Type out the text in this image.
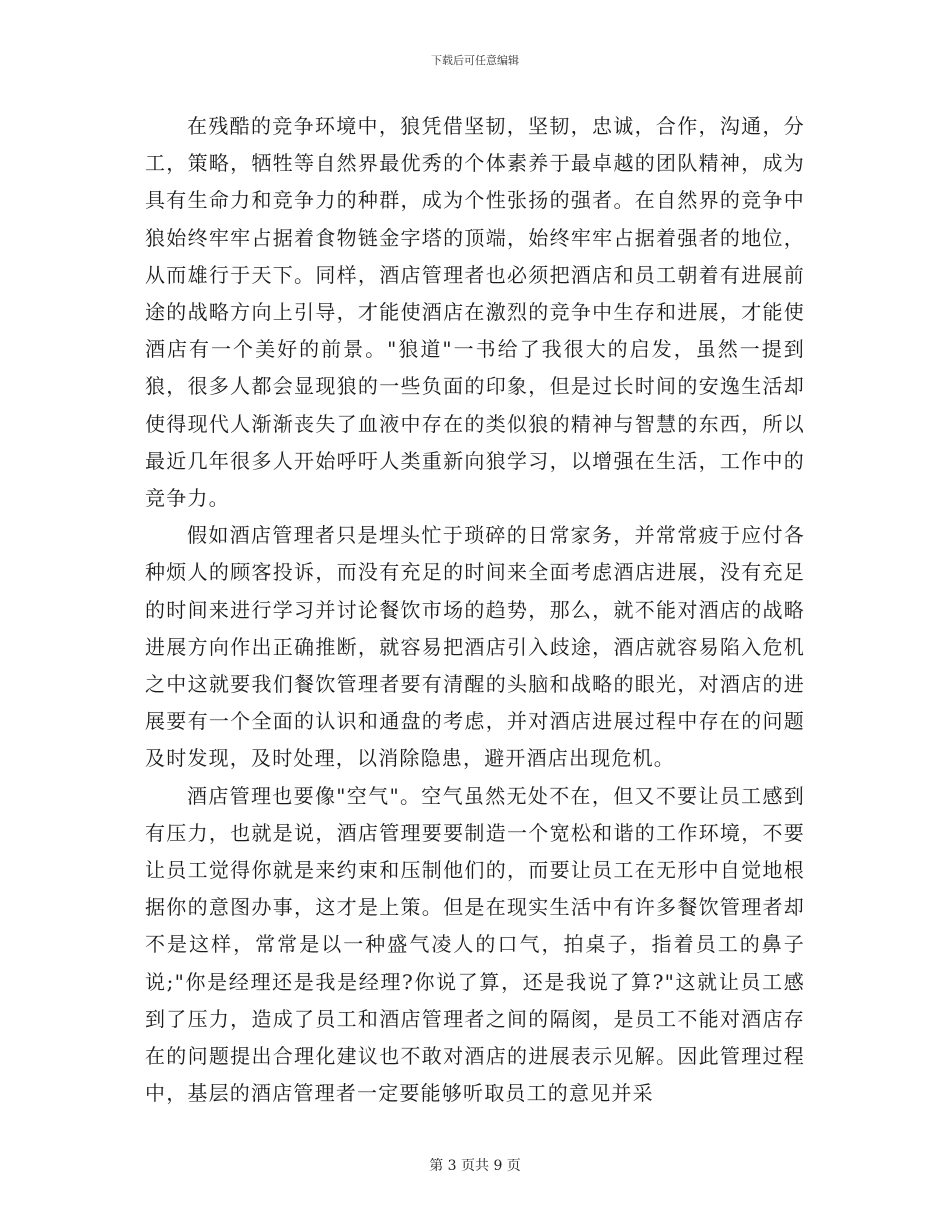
下载后可任意编辑

在残酷的竞争环境中，狼凭借坚韧，坚韧，忠诚，合作，沟通，分工，策略，牺牲等自然界最优秀的个体素养于最卓越的团队精神，成为具有生命力和竞争力的种群，成为个性张扬的强者。在自然界的竞争中狼始终牢牢占据着食物链金字塔的顶端，始终牢牢占据着强者的地位，从而雄行于天下。同样，酒店管理者也必须把酒店和员工朝着有进展前途的战略方向上引导，才能使酒店在激烈的竞争中生存和进展，才能使酒店有一个美好的前景。"狼道"一书给了我很大的启发，虽然一提到狼，很多人都会显现狼的一些负面的印象，但是过长时间的安逸生活却使得现代人渐渐丧失了血液中存在的类似狼的精神与智慧的东西，所以最近几年很多人开始呼吁人类重新向狼学习，以增强在生活，工作中的竞争力。

假如酒店管理者只是埋头忙于琐碎的日常家务，并常常疲于应付各种烦人的顾客投诉，而没有充足的时间来全面考虑酒店进展，没有充足的时间来进行学习并讨论餐饮市场的趋势，那么，就不能对酒店的战略进展方向作出正确推断，就容易把酒店引入歧途，酒店就容易陷入危机之中这就要我们餐饮管理者要有清醒的头脑和战略的眼光，对酒店的进展要有一个全面的认识和通盘的考虑，并对酒店进展过程中存在的问题及时发现，及时处理，以消除隐患，避开酒店出现危机。

酒店管理也要像"空气"。空气虽然无处不在，但又不要让员工感到有压力，也就是说，酒店管理要要制造一个宽松和谐的工作环境，不要让员工觉得你就是来约束和压制他们的，而要让员工在无形中自觉地根据你的意图办事，这才是上策。但是在现实生活中有许多餐饮管理者却不是这样，常常是以一种盛气凌人的口气，拍桌子，指着员工的鼻子说;"你是经理还是我是经理?你说了算，还是我说了算?"这就让员工感到了压力，造成了员工和酒店管理者之间的隔阂，是员工不能对酒店存在的问题提出合理化建议也不敢对酒店的进展表示见解。因此管理过程中，基层的酒店管理者一定要能够听取员工的意见并采

第 3 页共 9 页
